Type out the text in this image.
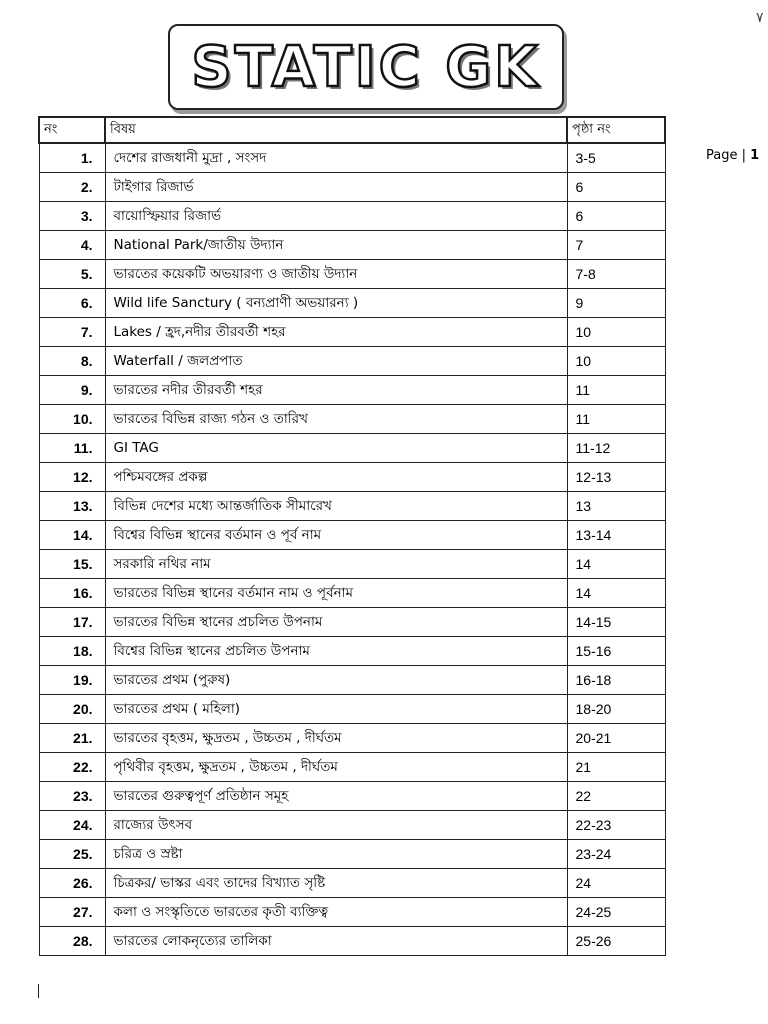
STATIC GK
۷
Page | 1
নং	বিষয়	পৃষ্ঠা নং
1.	দেশের রাজধানী মুদ্রা , সংসদ	3-5
2.	টাইগার রিজার্ভ	6
3.	বায়োস্ফিয়ার রিজার্ভ	6
4.	National Park/জাতীয় উদ্যান	7
5.	ভারতের কয়েকটি অভয়ারণ্য ও জাতীয় উদ্যান	7-8
6.	Wild life Sanctury ( বন্যপ্রাণী অভয়ারন্য )	9
7.	Lakes / হ্রদ,নদীর তীরবর্তী শহর	10
8.	Waterfall / জলপ্রপাত	10
9.	ভারতের নদীর তীরবর্তী শহর	11
10.	ভারতের বিভিন্ন রাজ্য গঠন ও তারিখ	11
11.	GI TAG	11-12
12.	পশ্চিমবঙ্গের প্রকল্প	12-13
13.	বিভিন্ন দেশের মধ্যে আন্তর্জাতিক সীমারেখ	13
14.	বিশ্বের বিভিন্ন স্থানের বর্তমান ও পূর্ব নাম	13-14
15.	সরকারি নথির নাম	14
16.	ভারতের বিভিন্ন স্থানের বর্তমান নাম ও পূর্বনাম	14
17.	ভারতের বিভিন্ন স্থানের প্রচলিত উপনাম	14-15
18.	বিশ্বের বিভিন্ন স্থানের প্রচলিত উপনাম	15-16
19.	ভারতের প্রথম (পুরুষ)	16-18
20.	ভারতের প্রথম ( মহিলা)	18-20
21.	ভারতের বৃহত্তম, ক্ষুদ্রতম , উচ্চতম , দীর্ঘতম	20-21
22.	পৃথিবীর বৃহত্তম, ক্ষুদ্রতম , উচ্চতম , দীর্ঘতম	21
23.	ভারতের গুরুত্বপূর্ণ প্রতিষ্ঠান সমূহ	22
24.	রাজ্যের উৎসব	22-23
25.	চরিত্র ও স্রষ্টা	23-24
26.	চিত্রকর/ ভাস্কর এবং তাদের বিখ্যাত সৃষ্টি	24
27.	কলা ও সংস্কৃতিতে ভারতের কৃতী ব্যক্তিত্ব	24-25
28.	ভারতের লোকনৃত্যের তালিকা	25-26
